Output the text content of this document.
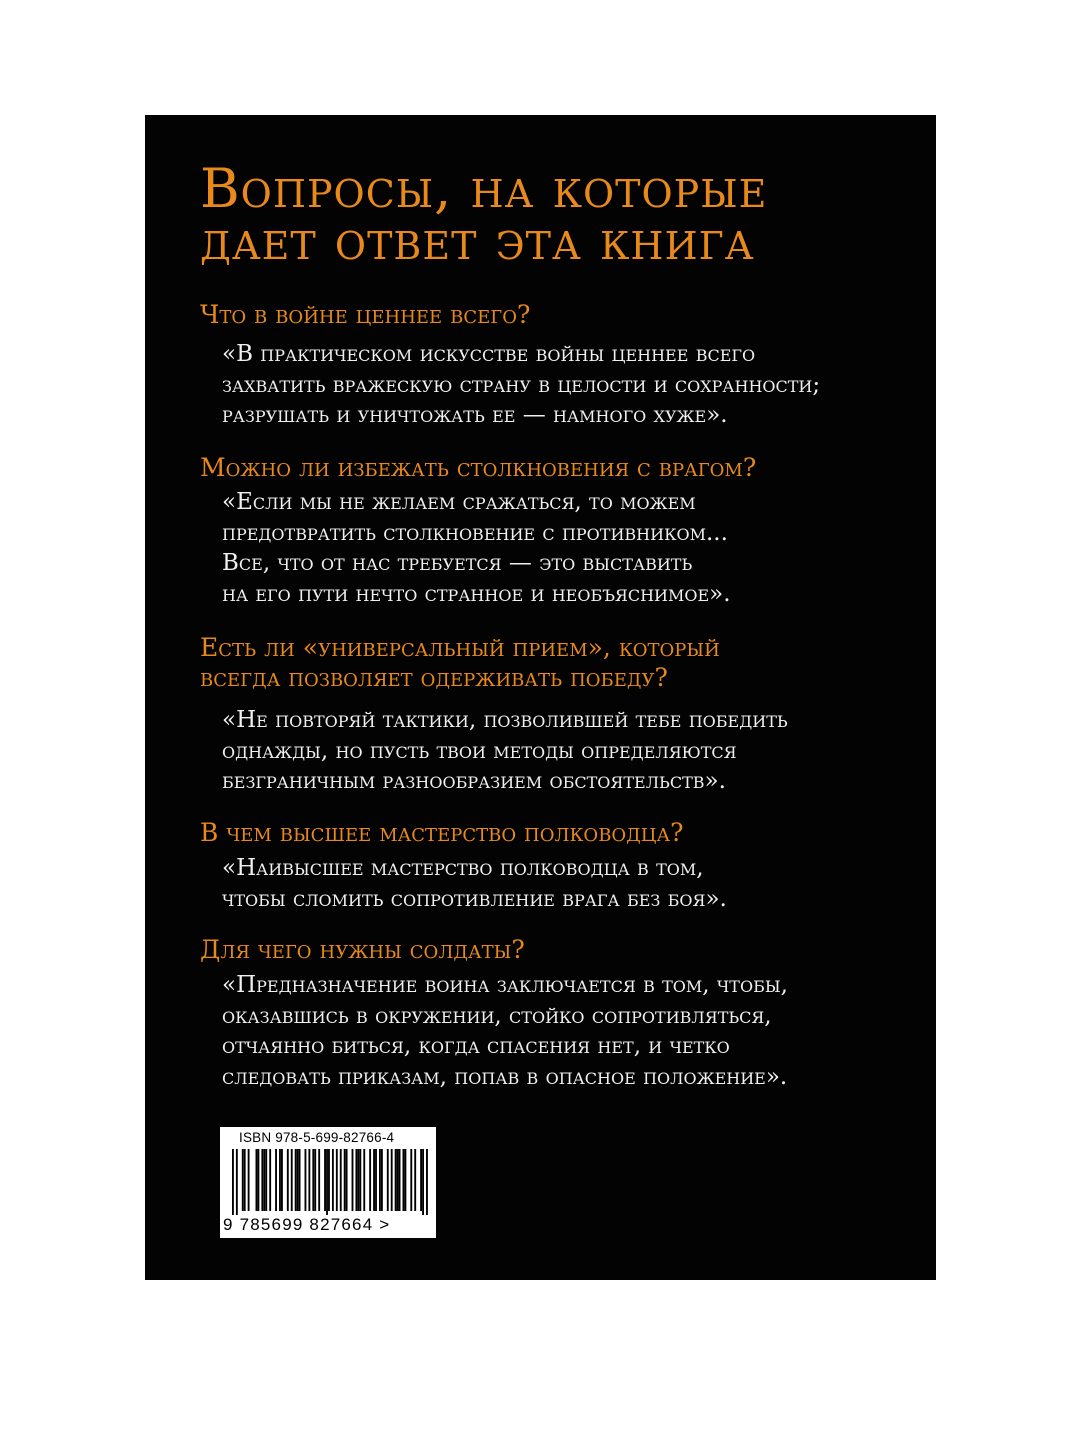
Вопросы, на которые
дает ответ эта книга
Что в войне ценнее всего?
«В практическом искусстве войны ценнее всего
захватить вражескую страну в целости и сохранности;
разрушать и уничтожать ее — намного хуже».
Можно ли избежать столкновения с врагом?
«Если мы не желаем сражаться, то можем
предотвратить столкновение с противником...
Все, что от нас требуется — это выставить
на его пути нечто странное и необъяснимое».
Есть ли «универсальный прием», который
всегда позволяет одерживать победу?
«Не повторяй тактики, позволившей тебе победить
однажды, но пусть твои методы определяются
безграничным разнообразием обстоятельств».
В чем высшее мастерство полководца?
«Наивысшее мастерство полководца в том,
чтобы сломить сопротивление врага без боя».
Для чего нужны солдаты?
«Предназначение воина заключается в том, чтобы,
оказавшись в окружении, стойко сопротивляться,
отчаянно биться, когда спасения нет, и четко
следовать приказам, попав в опасное положение».
ISBN 978-5-699-82766-4
9 785699 827664 >
